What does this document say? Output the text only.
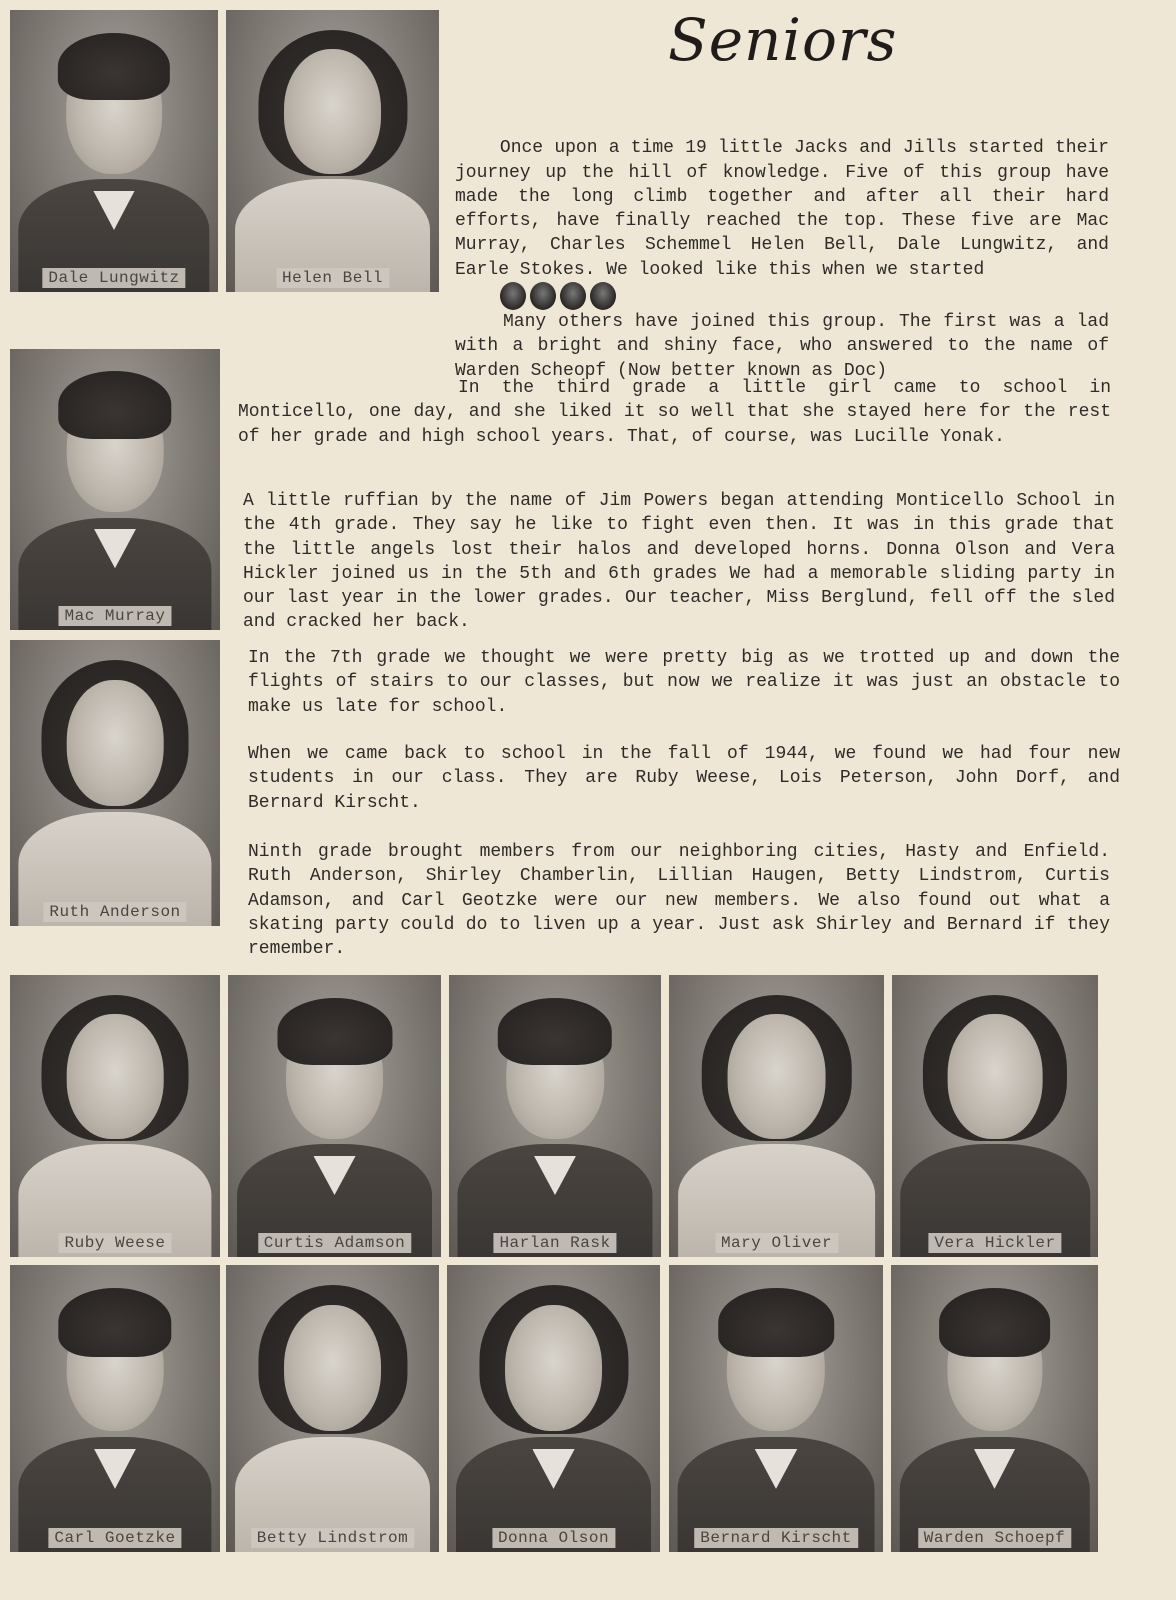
Seniors
Dale Lungwitz	Helen Bell
Mac Murray
Ruth Anderson

Once upon a time 19 little Jacks and Jills started their journey up the hill of knowledge. Five of this group have made the long climb together and after all their hard efforts, have finally reached the top. These five are Mac Murray, Charles Schemmel Helen Bell, Dale Lungwitz, and Earle Stokes. We looked like this when we started

Many others have joined this group. The first was a lad with a bright and shiny face, who answered to the name of Warden Scheopf (Now better known as Doc)

In the third grade a little girl came to school in Monticello, one day, and she liked it so well that she stayed here for the rest of her grade and high school years. That, of course, was Lucille Yonak.
A little ruffian by the name of Jim Powers began attending Monticello School in the 4th grade. They say he like to fight even then. It was in this grade that the little angels lost their halos and developed horns. Donna Olson and Vera Hickler joined us in the 5th and 6th grades We had a memorable sliding party in our last year in the lower grades. Our teacher, Miss Berglund, fell off the sled and cracked her back.
In the 7th grade we thought we were pretty big as we trotted up and down the flights of stairs to our classes, but now we realize it was just an obstacle to make us late for school.
When we came back to school in the fall of 1944, we found we had four new students in our class. They are Ruby Weese, Lois Peterson, John Dorf, and Bernard Kirscht.
Ninth grade brought members from our neighboring cities, Hasty and Enfield. Ruth Anderson, Shirley Chamberlin, Lillian Haugen, Betty Lindstrom, Curtis Adamson, and Carl Geotzke were our new members. We also found out what a skating party could do to liven up a year. Just ask Shirley and Bernard if they remember.
Ruby Weese	Curtis Adamson	Harlan Rask	Mary Oliver	Vera Hickler
Carl Goetzke	Betty Lindstrom	Donna Olson	Bernard Kirscht	Warden Schoepf
